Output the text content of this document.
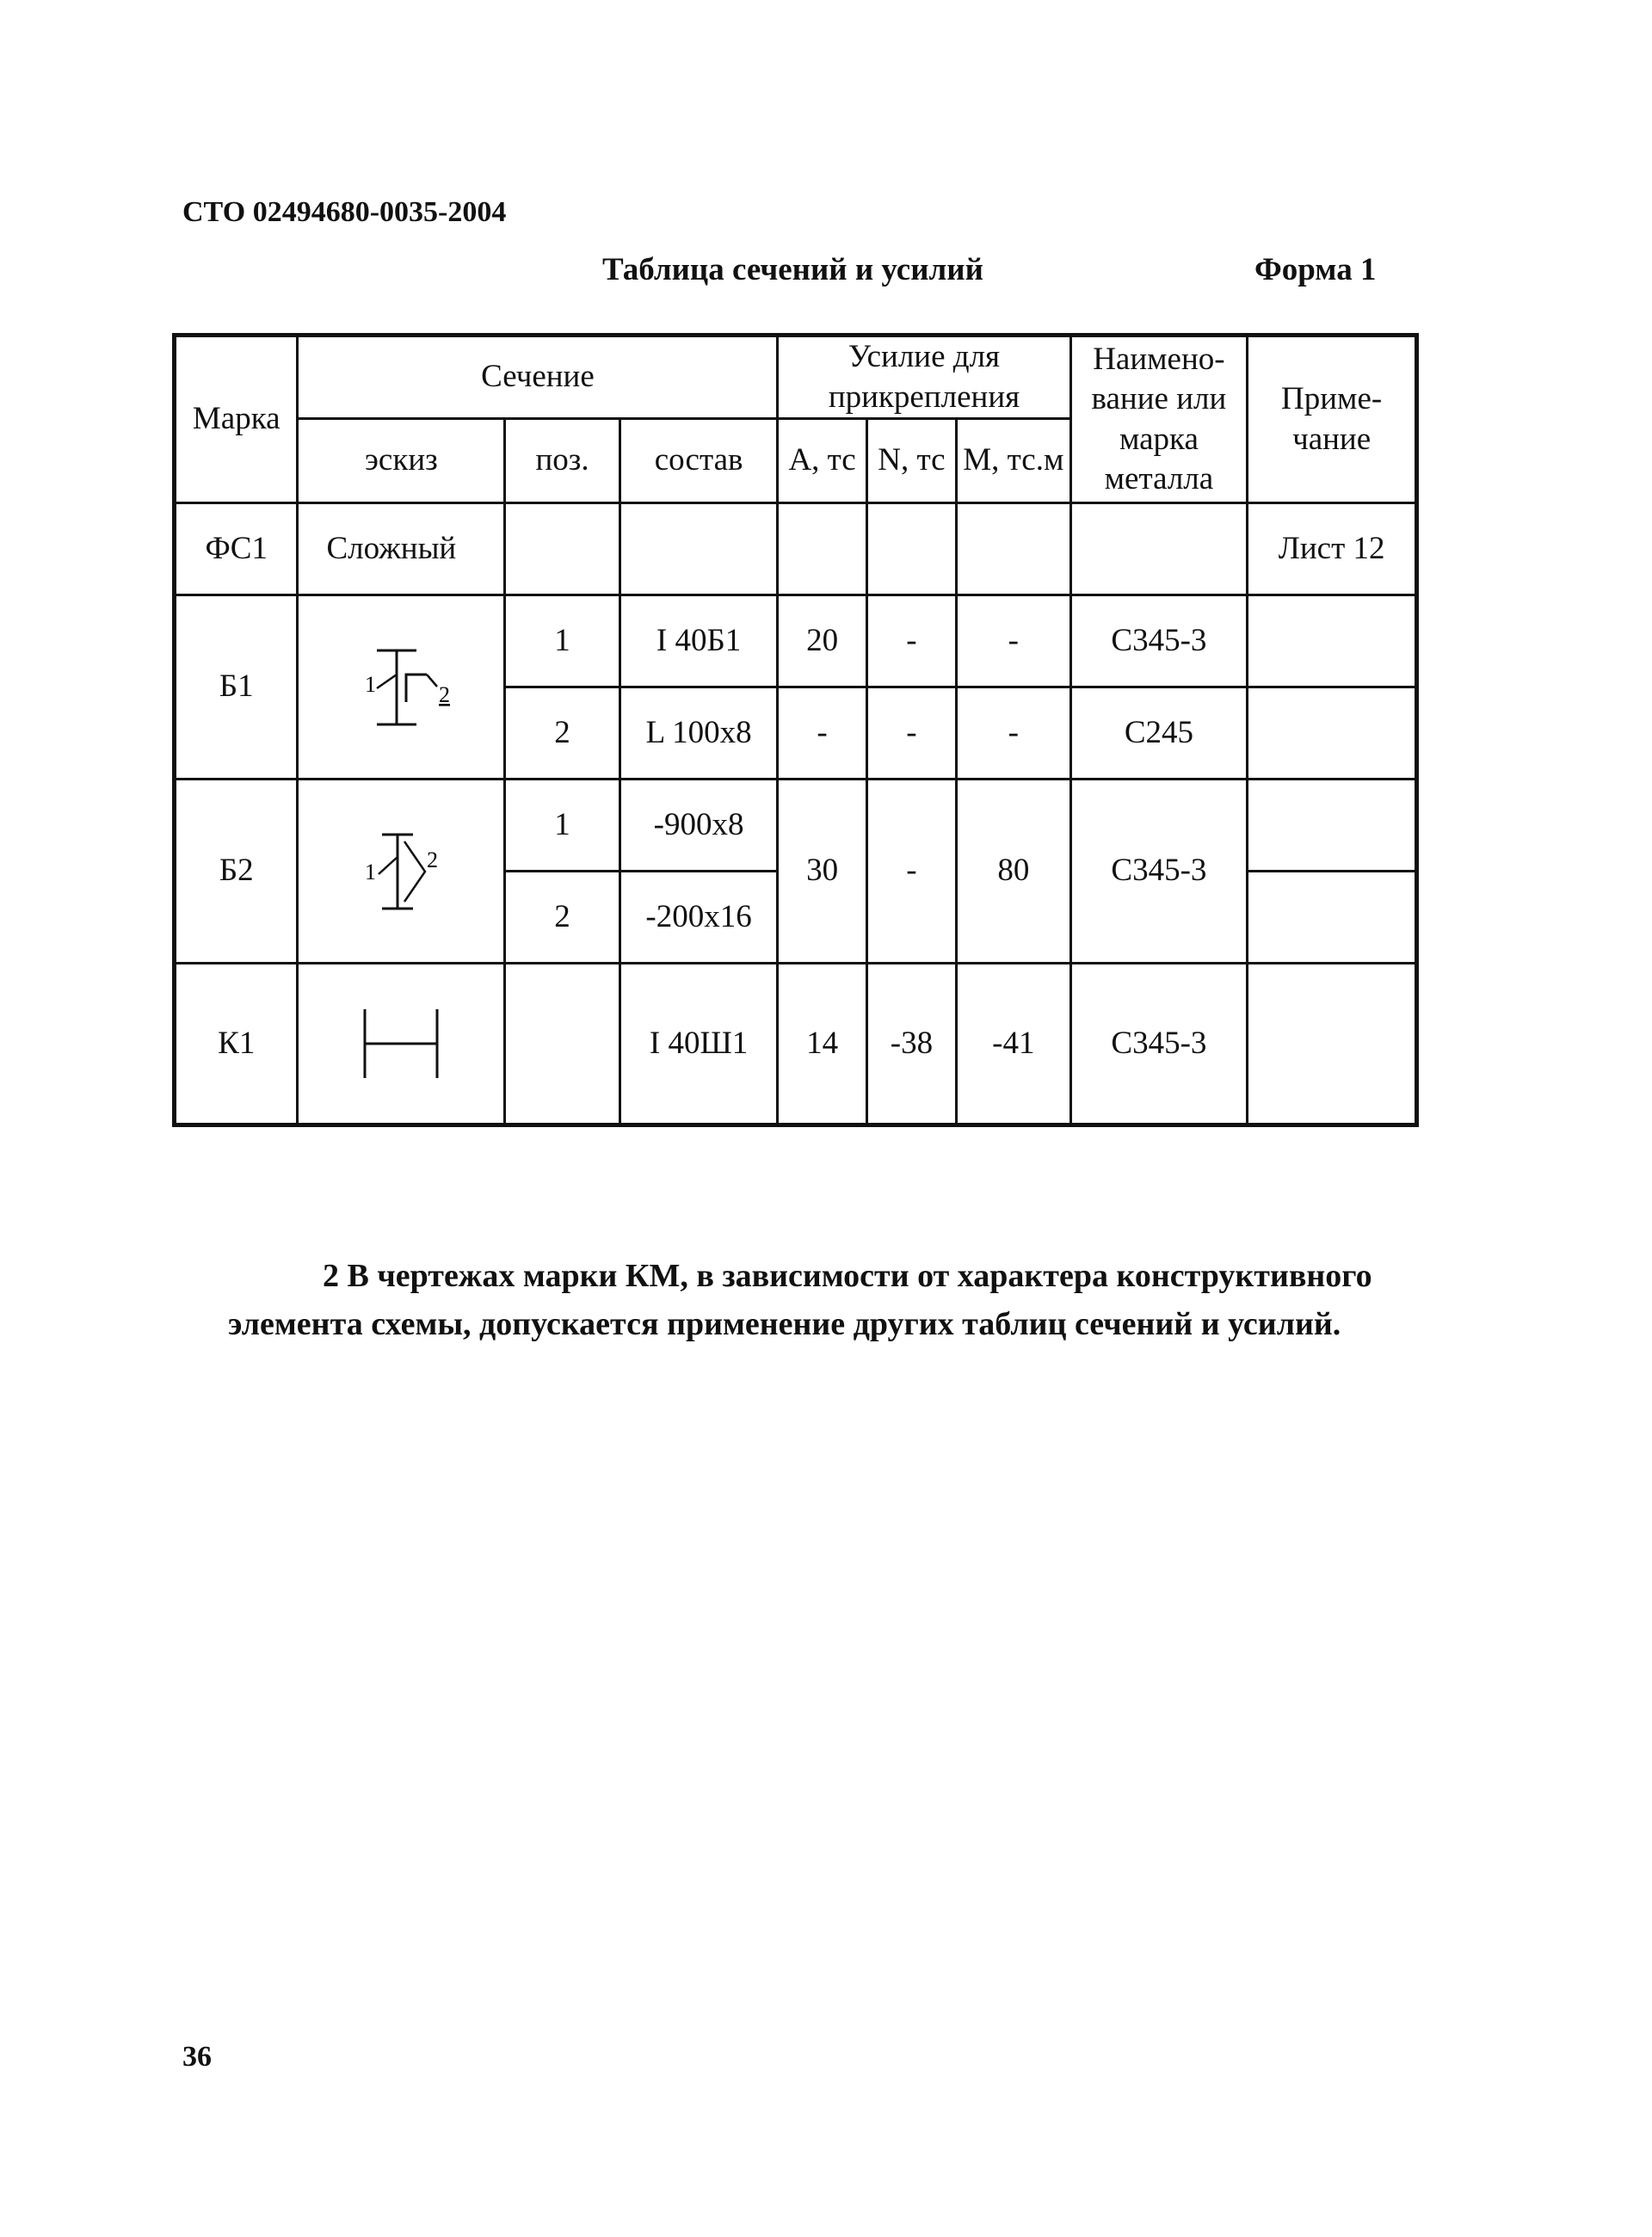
СТО 02494680-0035-2004
Таблица сечений и усилий	Форма 1
Марка	Сечение			Усилие для прикрепления			Наимено- вание или марка металла	Приме- чание
	эскиз	поз.	состав	А, тс	N, тс	М, тс.м		
ФС1	Сложный							Лист 12
Б1	1 2	1	I 40Б1	20	-	-	С345-3	
		2	L 100x8	-	-	-	С245	
Б2	1 2	1	-900x8	30	-	80	С345-3	
		2	-200x16					
К1			I 40Ш1	14	-38	-41	С345-3	
2 В чертежах марки КМ, в зависимости от характера конструктивного
элемента схемы, допускается применение других таблиц сечений и усилий.
36
